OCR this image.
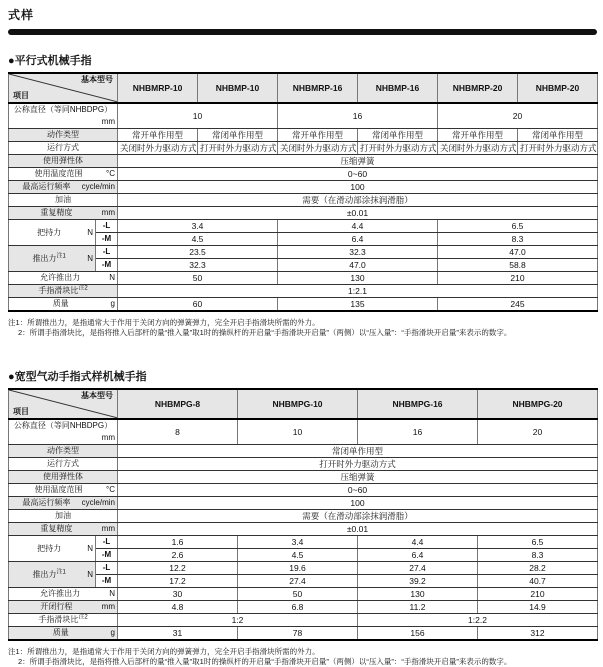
式样
●平行式机械手指
基本型号
项目		NHBMRP-10	NHBMP-10	NHBMRP-16	NHBMP-16	NHBMRP-20	NHBMP-20
公称直径（等同NHBDPG）
mm		10		16		20	
动作类型		常开单作用型	常闭单作用型	常开单作用型	常闭单作用型	常开单作用型	常闭单作用型
运行方式		关闭时外力驱动方式	打开时外力驱动方式	关闭时外力驱动方式	打开时外力驱动方式	关闭时外力驱动方式	打开时外力驱动方式
使用弹性体		压缩弹簧					
使用温度范围 °C		0~60					
最高运行频率 cycle/min		100					
加油		需要（在滑动部涂抹润滑脂）					
重复精度 mm		±0.01					
把持力 N	-L	3.4		4.4		6.5	
	-M	4.5		6.4		8.3	
推出力$^{注1}$ N	-L	23.5		32.3		47.0	
	-M	32.3		47.0		58.8	
允许推出力 N		50		130		210	
手指滑块比$^{注2}$		1:2.1					
质量 g		60		135		245	
注1：所谓推出力，是指通常大于作用于关闭方向的弹簧弹力，完全开启手指滑块所需的外力。
2：所谓手指滑块比，是指将推入后部杆的量“推入量”取1时的操纵杆的开启量“手指滑块开启量”（两侧）以“压入量”：“手指滑块开启量”来表示的数字。
●宽型气动手指式样机械手指
基本型号
项目		NHBMPG-8	NHBMPG-10	NHBMPG-16	NHBMPG-20
公称直径（等同NHBDPG）
mm		8	10	16	20
动作类型		常闭单作用型			
运行方式		打开时外力驱动方式			
使用弹性体		压缩弹簧			
使用温度范围 °C		0~60			
最高运行频率 cycle/min		100			
加油		需要（在滑动部涂抹润滑脂）			
重复精度 mm		±0.01			
把持力 N	-L	1.6	3.4	4.4	6.5
	-M	2.6	4.5	6.4	8.3
推出力$^{注1}$ N	-L	12.2	19.6	27.4	28.2
	-M	17.2	27.4	39.2	40.7
允许推出力 N		30	50	130	210
开闭行程 mm		4.8	6.8	11.2	14.9
手指滑块比$^{注2}$		1:2		1:2.2	
质量 g		31	78	156	312
注1：所谓推出力，是指通常大于作用于关闭方向的弹簧弹力，完全开启手指滑块所需的外力。
2：所谓手指滑块比，是指将推入后部杆的量“推入量”取1时的操纵杆的开启量“手指滑块开启量”（两侧）以“压入量”：“手指滑块开启量”来表示的数字。
